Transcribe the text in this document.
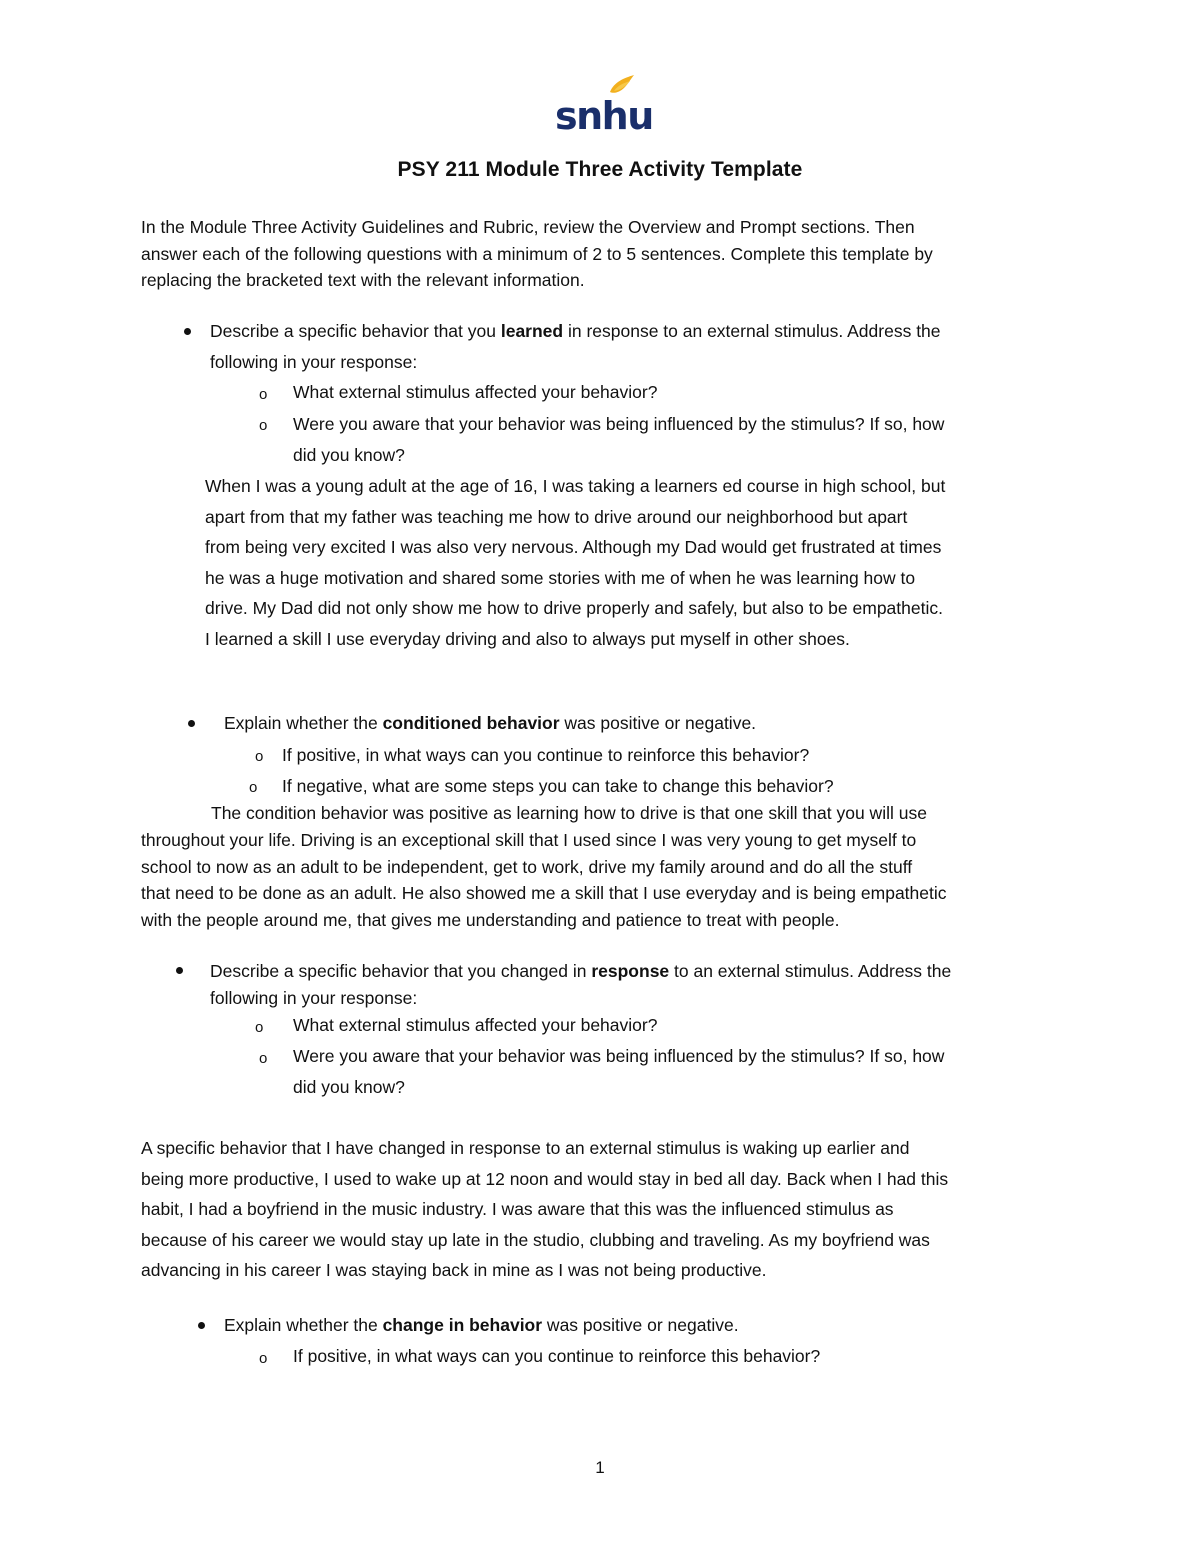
snhu
PSY 211 Module Three Activity Template
In the Module Three Activity Guidelines and Rubric, review the Overview and Prompt sections. Then
answer each of the following questions with a minimum of 2 to 5 sentences. Complete this template by
replacing the bracketed text with the relevant information.
Describe a specific behavior that you learned in response to an external stimulus. Address the
following in your response:
o What external stimulus affected your behavior?
o Were you aware that your behavior was being influenced by the stimulus? If so, how
did you know?
When I was a young adult at the age of 16, I was taking a learners ed course in high school, but
apart from that my father was teaching me how to drive around our neighborhood but apart
from being very excited I was also very nervous. Although my Dad would get frustrated at times
he was a huge motivation and shared some stories with me of when he was learning how to
drive. My Dad did not only show me how to drive properly and safely, but also to be empathetic.
I learned a skill I use everyday driving and also to always put myself in other shoes.
Explain whether the conditioned behavior was positive or negative.
o If positive, in what ways can you continue to reinforce this behavior?
o If negative, what are some steps you can take to change this behavior?
The condition behavior was positive as learning how to drive is that one skill that you will use
throughout your life. Driving is an exceptional skill that I used since I was very young to get myself to
school to now as an adult to be independent, get to work, drive my family around and do all the stuff
that need to be done as an adult. He also showed me a skill that I use everyday and is being empathetic
with the people around me, that gives me understanding and patience to treat with people.
Describe a specific behavior that you changed in response to an external stimulus. Address the
following in your response:
o What external stimulus affected your behavior?
o Were you aware that your behavior was being influenced by the stimulus? If so, how
did you know?
A specific behavior that I have changed in response to an external stimulus is waking up earlier and
being more productive, I used to wake up at 12 noon and would stay in bed all day. Back when I had this
habit, I had a boyfriend in the music industry. I was aware that this was the influenced stimulus as
because of his career we would stay up late in the studio, clubbing and traveling. As my boyfriend was
advancing in his career I was staying back in mine as I was not being productive.
Explain whether the change in behavior was positive or negative.
o If positive, in what ways can you continue to reinforce this behavior?
1
